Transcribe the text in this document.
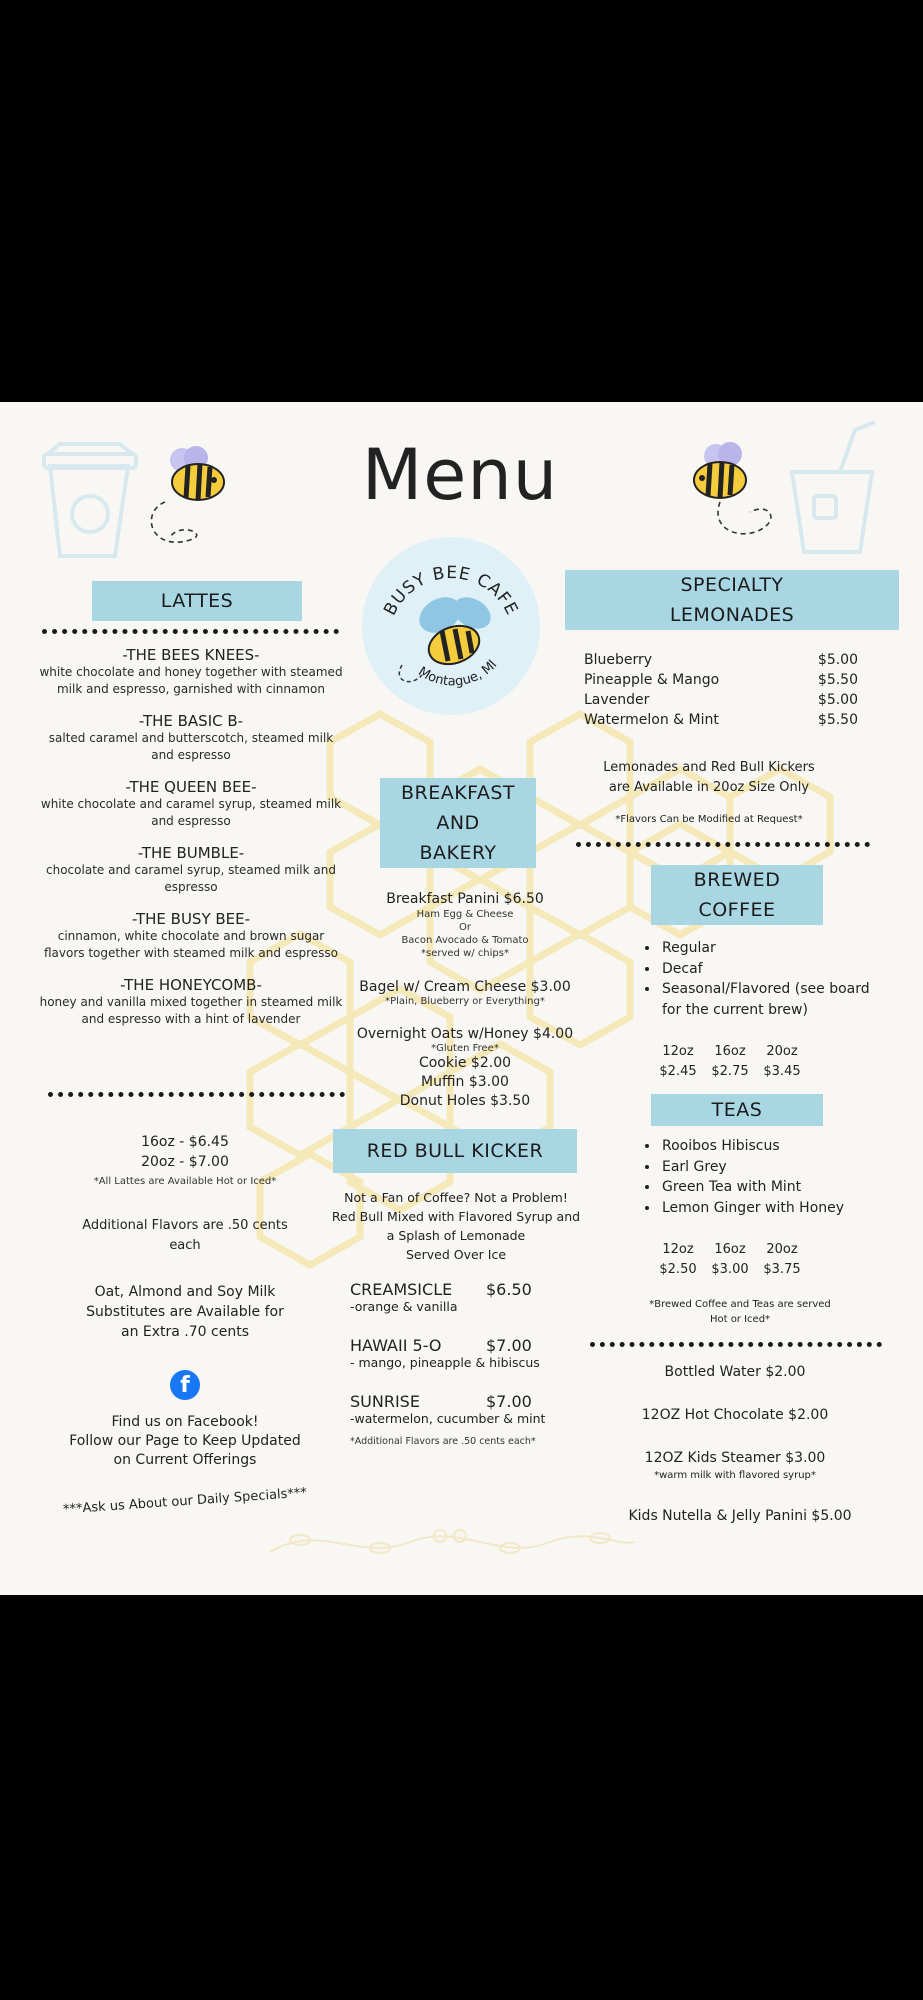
Menu
BUSY BEE CAFE
Montague, MI
LATTES
-THE BEES KNEES-
white chocolate and honey together with steamed milk and espresso, garnished with cinnamon
-THE BASIC B-
salted caramel and butterscotch, steamed milk and espresso
-THE QUEEN BEE-
white chocolate and caramel syrup, steamed milk and espresso
-THE BUMBLE-
chocolate and caramel syrup, steamed milk and espresso
-THE BUSY BEE-
cinnamon, white chocolate and brown sugar flavors together with steamed milk and espresso
-THE HONEYCOMB-
honey and vanilla mixed together in steamed milk and espresso with a hint of lavender
16oz - $6.45
20oz - $7.00
*All Lattes are Available Hot or Iced*
Additional Flavors are .50 cents each
Oat, Almond and Soy Milk Substitutes are Available for an Extra .70 cents
f
Find us on Facebook!
Follow our Page to Keep Updated on Current Offerings
***Ask us About our Daily Specials***
BREAKFAST
AND
BAKERY
Breakfast Panini $6.50
Ham Egg & Cheese
Or
Bacon Avocado & Tomato
*served w/ chips*
Bagel w/ Cream Cheese $3.00
*Plain, Blueberry or Everything*
Overnight Oats w/Honey $4.00
*Gluten Free*
Cookie $2.00
Muffin $3.00
Donut Holes $3.50
RED BULL KICKER
Not a Fan of Coffee? Not a Problem!
Red Bull Mixed with Flavored Syrup and a Splash of Lemonade
Served Over Ice
CREAMSICLE	$6.50
-orange & vanilla
HAWAII 5-O	$7.00
- mango, pineapple & hibiscus
SUNRISE	$7.00
-watermelon, cucumber & mint
*Additional Flavors are .50 cents each*
SPECIALTY
LEMONADES
Blueberry	$5.00
Pineapple & Mango	$5.50
Lavender	$5.00
Watermelon & Mint	$5.50
Lemonades and Red Bull Kickers are Available in 20oz Size Only
*Flavors Can be Modified at Request*
BREWED
COFFEE
• Regular
• Decaf
• Seasonal/Flavored (see board for the current brew)
12oz	16oz	20oz
$2.45	$2.75	$3.45
TEAS
• Rooibos Hibiscus
• Earl Grey
• Green Tea with Mint
• Lemon Ginger with Honey
12oz	16oz	20oz
$2.50	$3.00	$3.75
*Brewed Coffee and Teas are served Hot or Iced*
Bottled Water $2.00
12OZ Hot Chocolate $2.00
12OZ Kids Steamer $3.00
*warm milk with flavored syrup*
Kids Nutella & Jelly Panini $5.00
